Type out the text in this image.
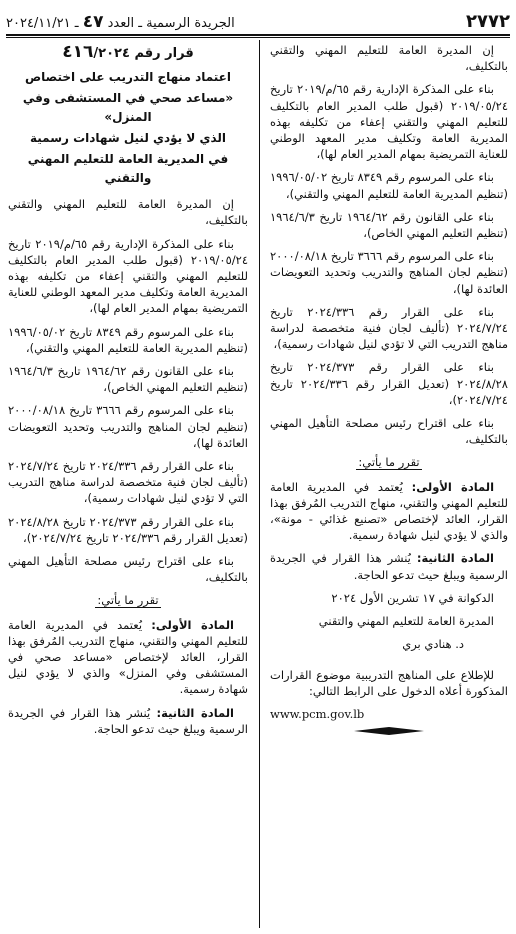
٢٧٧٢
الجريدة الرسمية ـ العدد ٤٧ ـ ٢٠٢٤/١١/٢١

إن المديرة العامة للتعليم المهني والتقني بالتكليف،

بناء على المذكرة الإدارية رقم ٦٥/م/٢٠١٩ تاريخ ٢٠١٩/٠٥/٢٤ (قبول طلب المدير العام بالتكليف للتعليم المهني والتقني إعفاء من تكليفه بهذه المديرية العامة وتكليف مدير المعهد الوطني للعناية التمريضية بمهام المدير العام لها)،

بناء على المرسوم رقم ٨٣٤٩ تاريخ ١٩٩٦/٠٥/٠٢ (تنظيم المديرية العامة للتعليم المهني والتقني)،

بناء على القانون رقم ١٩٦٤/٦٢ تاريخ ١٩٦٤/٦/٣ (تنظيم التعليم المهني الخاص)،

بناء على المرسوم رقم ٣٦٦٦ تاريخ ٢٠٠٠/٠٨/١٨ (تنظيم لجان المناهج والتدريب وتحديد التعويضات العائدة لها)،

بناء على القرار رقم ٢٠٢٤/٣٣٦ تاريخ ٢٠٢٤/٧/٢٤ (تأليف لجان فنية متخصصة لدراسة مناهج التدريب التي لا تؤدي لنيل شهادات رسمية)،

بناء على القرار رقم ٢٠٢٤/٣٧٣ تاريخ ٢٠٢٤/٨/٢٨ (تعديل القرار رقم ٢٠٢٤/٣٣٦ تاريخ ٢٠٢٤/٧/٢٤)،

بناء على اقتراح رئيس مصلحة التأهيل المهني بالتكليف،

تقرر ما يأتي:

المادة الأولى: يُعتمد في المديرية العامة للتعليم المهني والتقني، منهاج التدريب المُرفق بهذا القرار، العائد لإختصاص «تصنيع غذائي - مونة»، والذي لا يؤدي لنيل شهادة رسمية.

المادة الثانية: يُنشر هذا القرار في الجريدة الرسمية ويبلغ حيث تدعو الحاجة.

الدكوانة في ١٧ تشرين الأول ٢٠٢٤

المديرة العامة للتعليم المهني والتقني

د. هنادي بري

للإطلاع على المناهج التدريبية موضوع القرارات المذكورة أعلاه الدخول على الرابط التالي:

www.pcm.gov.lb
قرار رقم ٤١٦/٢٠٢٤
اعتماد منهاج التدريب على اختصاص
«مساعد صحي في المستشفى وفي المنزل»
الذي لا يؤدي لنيل شهادات رسمية
في المديرية العامة للتعليم المهني والتقني

إن المديرة العامة للتعليم المهني والتقني بالتكليف،

بناء على المذكرة الإدارية رقم ٦٥/م/٢٠١٩ تاريخ ٢٠١٩/٠٥/٢٤ (قبول طلب المدير العام بالتكليف للتعليم المهني والتقني إعفاء من تكليفه بهذه المديرية العامة وتكليف مدير المعهد الوطني للعناية التمريضية بمهام المدير العام لها)،

بناء على المرسوم رقم ٨٣٤٩ تاريخ ١٩٩٦/٠٥/٠٢ (تنظيم المديرية العامة للتعليم المهني والتقني)،

بناء على القانون رقم ١٩٦٤/٦٢ تاريخ ١٩٦٤/٦/٣ (تنظيم التعليم المهني الخاص)،

بناء على المرسوم رقم ٣٦٦٦ تاريخ ٢٠٠٠/٠٨/١٨ (تنظيم لجان المناهج والتدريب وتحديد التعويضات العائدة لها)،

بناء على القرار رقم ٢٠٢٤/٣٣٦ تاريخ ٢٠٢٤/٧/٢٤ (تأليف لجان فنية متخصصة لدراسة مناهج التدريب التي لا تؤدي لنيل شهادات رسمية)،

بناء على القرار رقم ٢٠٢٤/٣٧٣ تاريخ ٢٠٢٤/٨/٢٨ (تعديل القرار رقم ٢٠٢٤/٣٣٦ تاريخ ٢٠٢٤/٧/٢٤)،

بناء على اقتراح رئيس مصلحة التأهيل المهني بالتكليف،

تقرر ما يأتي:

المادة الأولى: يُعتمد في المديرية العامة للتعليم المهني والتقني، منهاج التدريب المُرفق بهذا القرار، العائد لإختصاص «مساعد صحي في المستشفى وفي المنزل» والذي لا يؤدي لنيل شهادة رسمية.

المادة الثانية: يُنشر هذا القرار في الجريدة الرسمية ويبلغ حيث تدعو الحاجة.
